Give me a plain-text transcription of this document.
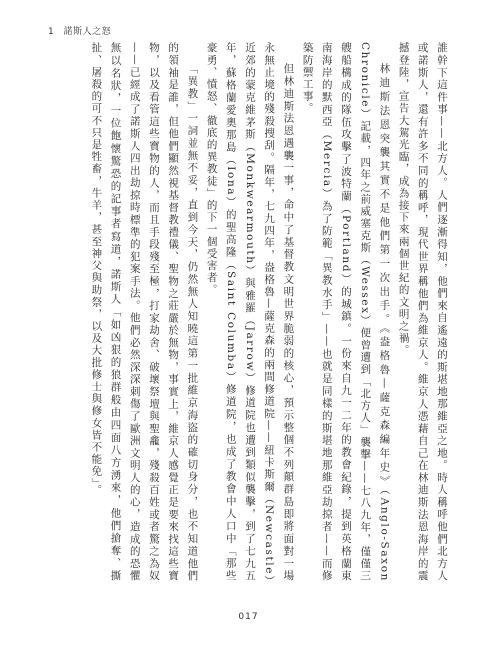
1 諾斯人之怒

誰幹下這件事——北方人。人們逐漸得知，他們來自遙遠的斯堪地那維亞之地。時人稱呼他們北方人或諾斯人，還有許多不同的稱呼，現代世界稱他們為維京人。維京人憑藉自己在林迪斯法恩海岸的震撼登陸，宣告大駕光臨，成為接下來兩個世紀的文明之禍。

林迪斯法恩突襲其實不是他們第一次出手。《盎格魯—薩克森編年史》（Anglo-Saxon Chronicle）記載，四年之前威塞克斯（Wessex）便曾遭到「北方人」襲擊——七八九年，僅僅三艘船構成的隊伍攻擊了波特蘭（Portland）的城鎮。一份來自九一二年的教會紀錄，提到英格蘭東南海岸的默西亞（Mercia）為了防範「異教水手」——也就是同樣的斯堪地那維亞劫掠者——而修築防禦工事。

但林迪斯法恩遇襲一事，命中了基督教文明世界脆弱的核心，預示整個不列顛群島即將面對一場永無止境的殘殺搜刮。隔年，七九四年，盎格魯—薩克森的兩間修道院——紐卡斯爾（Newcastle）近郊的蒙克維茅斯（Monkwearmouth）與雅羅（Jarrow）修道院也遭到類似襲擊，到了七九五年，蘇格蘭愛奧那島（Iona）的聖高隆（Saint Columba）修道院，也成了教會中人口中「那些豪勇、憤怒、徹底的異教徒」的下一個受害者。

「異教」一詞並無不妥，直到今天，仍然無人知曉這第一批維京海盜的確切身分，也不知道他們的領袖是誰，但他們顯然視基督教禮儀、聖物之莊嚴於無物，事實上，維京人感覺正是要來找這些寶物，以及看管這些寶物的人，而且手段殘至極，打家劫舍、破壞祭壇與聖龕，殘殺百姓或者驚之為奴——已經成了諾斯人四出劫掠時標準的犯案手法。他們必然深深刺傷了歐洲文明人的心，造成的恐懼無以名狀，一位飽懷驚恐的記事者寫道，諾斯人「如凶狠的狼群般由四面八方湧來，他們搶奪、撕扯、屠殺的可不只是牲畜，牛羊，甚至神父與助祭，以及大批修士與修女皆不能免」。

017
